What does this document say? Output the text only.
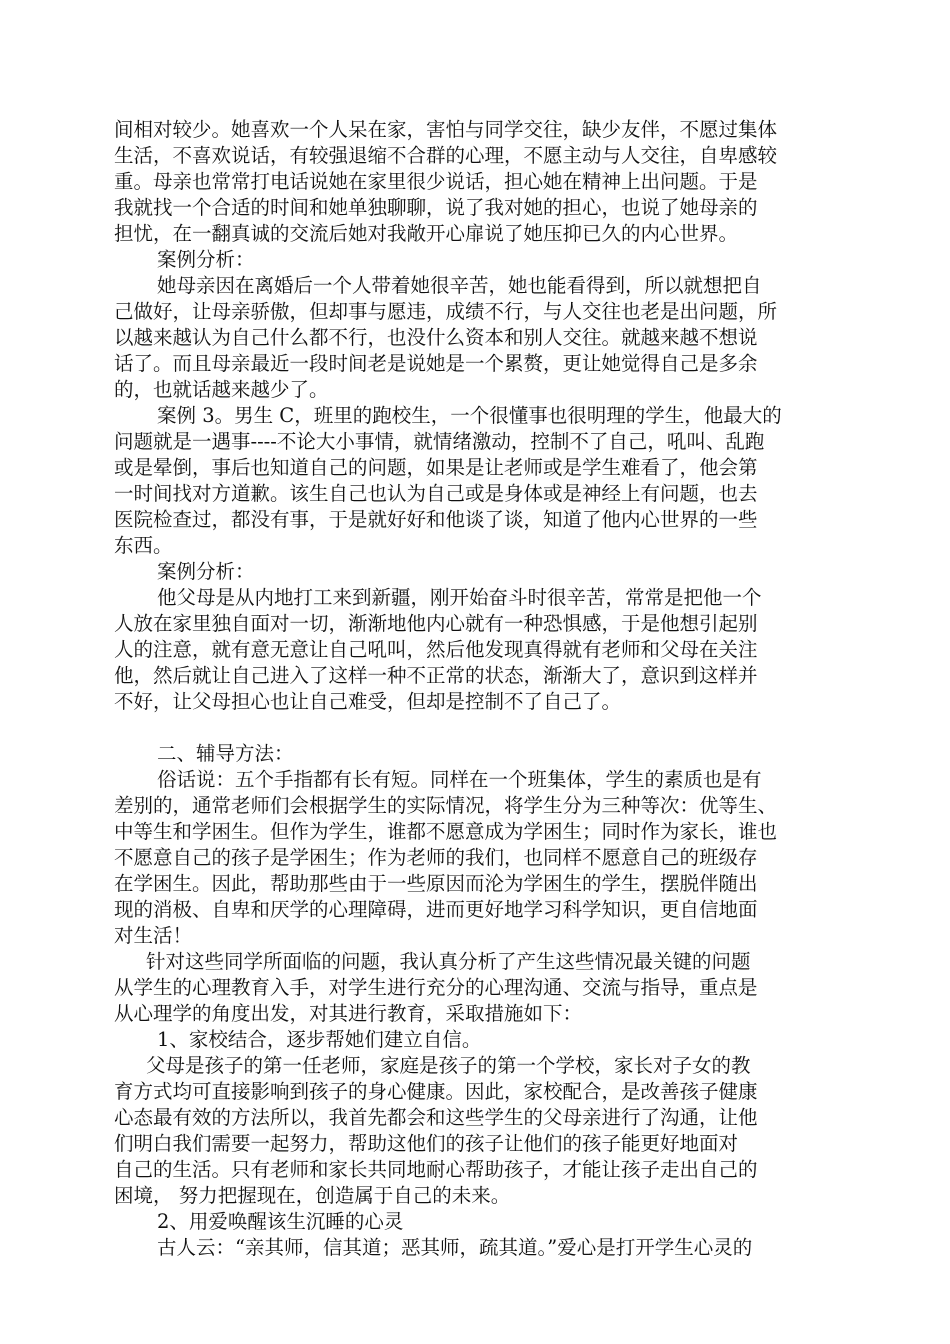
间相对较少。她喜欢一个人呆在家，害怕与同学交往，缺少友伴，不愿过集体
生活，不喜欢说话，有较强退缩不合群的心理，不愿主动与人交往，自卑感较
重。母亲也常常打电话说她在家里很少说话，担心她在精神上出问题。于是
我就找一个合适的时间和她单独聊聊，说了我对她的担心，也说了她母亲的
担忧，在一翻真诚的交流后她对我敞开心扉说了她压抑已久的内心世界。
案例分析：
她母亲因在离婚后一个人带着她很辛苦，她也能看得到，所以就想把自
己做好，让母亲骄傲，但却事与愿违，成绩不行，与人交往也老是出问题，所
以越来越认为自己什么都不行，也没什么资本和别人交往。就越来越不想说
话了。而且母亲最近一段时间老是说她是一个累赘，更让她觉得自己是多余
的，也就话越来越少了。
案例 3。男生 C，班里的跑校生，一个很懂事也很明理的学生，他最大的
问题就是一遇事----不论大小事情，就情绪激动，控制不了自己，吼叫、乱跑
或是晕倒，事后也知道自己的问题，如果是让老师或是学生难看了，他会第
一时间找对方道歉。该生自己也认为自己或是身体或是神经上有问题，也去
医院检查过，都没有事，于是就好好和他谈了谈，知道了他内心世界的一些
东西。
案例分析：
他父母是从内地打工来到新疆，刚开始奋斗时很辛苦，常常是把他一个
人放在家里独自面对一切，渐渐地他内心就有一种恐惧感，于是他想引起别
人的注意，就有意无意让自己吼叫，然后他发现真得就有老师和父母在关注
他，然后就让自己进入了这样一种不正常的状态，渐渐大了，意识到这样并
不好，让父母担心也让自己难受，但却是控制不了自己了。
二、辅导方法：
俗话说：五个手指都有长有短。同样在一个班集体，学生的素质也是有
差别的，通常老师们会根据学生的实际情况，将学生分为三种等次：优等生、
中等生和学困生。但作为学生，谁都不愿意成为学困生；同时作为家长，谁也
不愿意自己的孩子是学困生；作为老师的我们，也同样不愿意自己的班级存
在学困生。因此，帮助那些由于一些原因而沦为学困生的学生，摆脱伴随出
现的消极、自卑和厌学的心理障碍，进而更好地学习科学知识，更自信地面
对生活！
针对这些同学所面临的问题，我认真分析了产生这些情况最关键的问题
从学生的心理教育入手，对学生进行充分的心理沟通、交流与指导，重点是
从心理学的角度出发，对其进行教育，采取措施如下：
1、家校结合，逐步帮她们建立自信。
父母是孩子的第一任老师，家庭是孩子的第一个学校，家长对子女的教
育方式均可直接影响到孩子的身心健康。因此，家校配合，是改善孩子健康
心态最有效的方法所以，我首先都会和这些学生的父母亲进行了沟通，让他
们明白我们需要一起努力，帮助这他们的孩子让他们的孩子能更好地面对
自己的生活。只有老师和家长共同地耐心帮助孩子，才能让孩子走出自己的
困境， 努力把握现在，创造属于自己的未来。
2、用爱唤醒该生沉睡的心灵
古人云：“亲其师，信其道；恶其师，疏其道。”爱心是打开学生心灵的
